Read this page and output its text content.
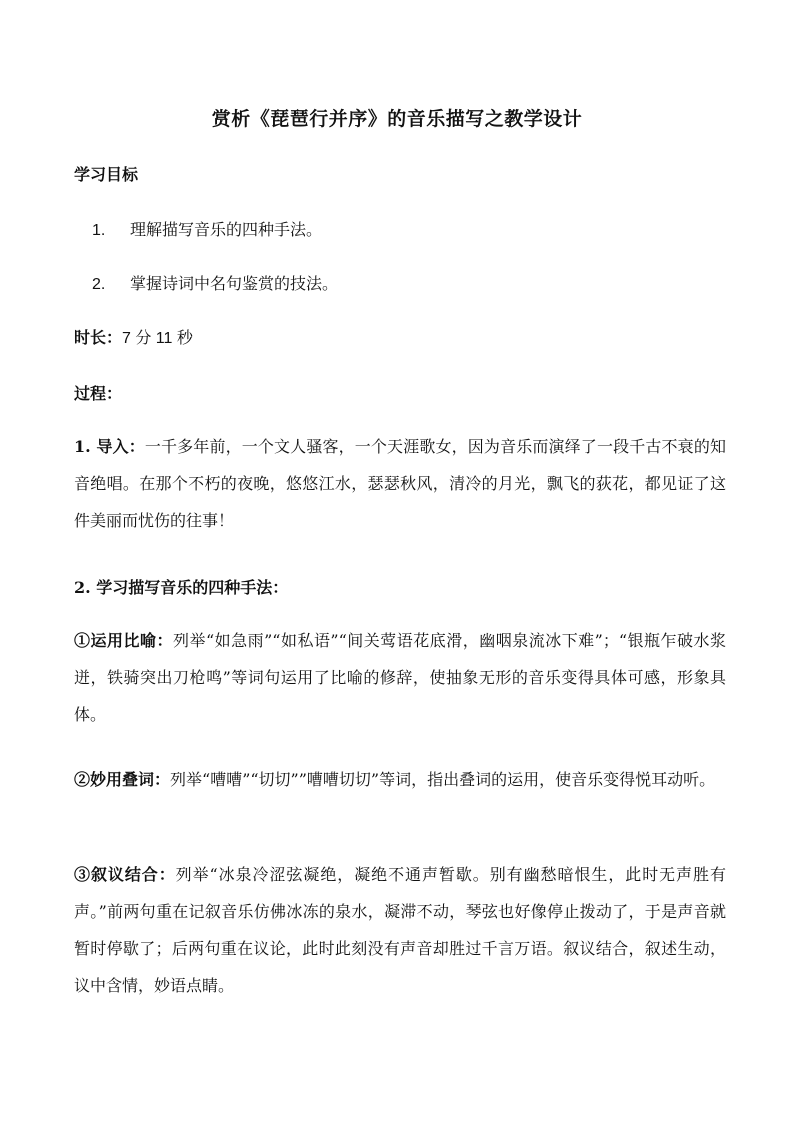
赏析《琵琶行并序》的音乐描写之教学设计
学习目标
1. 理解描写音乐的四种手法。
2. 掌握诗词中名句鉴赏的技法。
时长：7 分 11 秒
过程：
1. 导入：一千多年前，一个文人骚客，一个天涯歌女，因为音乐而演绎了一段千古不衰的知音绝唱。在那个不朽的夜晚，悠悠江水，瑟瑟秋风，清冷的月光，飘飞的荻花，都见证了这件美丽而忧伤的往事！
2. 学习描写音乐的四种手法：
①运用比喻：列举“如急雨”“如私语”“间关莺语花底滑，幽咽泉流冰下难”；“银瓶乍破水浆迸，铁骑突出刀枪鸣”等词句运用了比喻的修辞，使抽象无形的音乐变得具体可感，形象具体。
②妙用叠词：列举“嘈嘈”“切切””嘈嘈切切”等词，指出叠词的运用，使音乐变得悦耳动听。
③叙议结合：列举“冰泉冷涩弦凝绝，凝绝不通声暂歇。别有幽愁暗恨生，此时无声胜有声。”前两句重在记叙音乐仿佛冰冻的泉水，凝滞不动，琴弦也好像停止拨动了，于是声音就暂时停歇了；后两句重在议论，此时此刻没有声音却胜过千言万语。叙议结合，叙述生动，议中含情，妙语点睛。
